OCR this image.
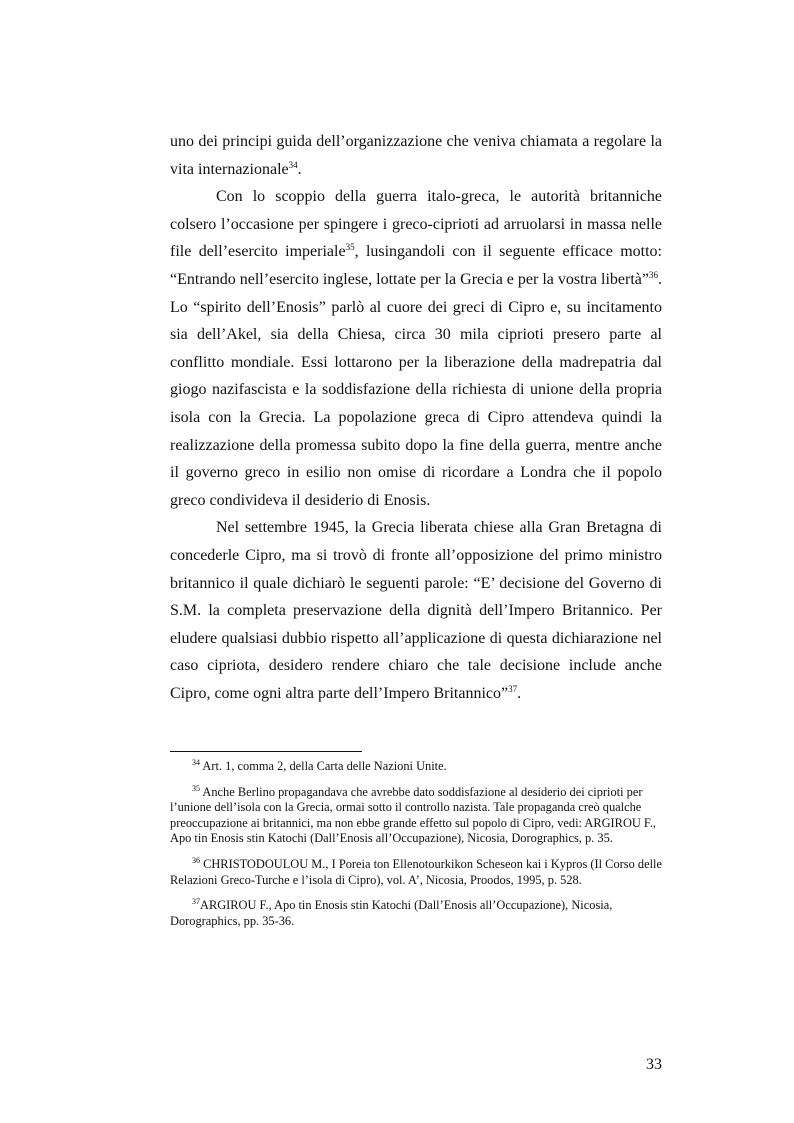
uno dei principi guida dell’organizzazione che veniva chiamata a regolare la vita internazionale$^{34}$.

Con lo scoppio della guerra italo-greca, le autorità britanniche colsero l’occasione per spingere i greco-ciprioti ad arruolarsi in massa nelle file dell’esercito imperiale$^{35}$, lusingandoli con il seguente efficace motto: “Entrando nell’esercito inglese, lottate per la Grecia e per la vostra libertà”$^{36}$. Lo “spirito dell’Enosis” parlò al cuore dei greci di Cipro e, su incitamento sia dell’Akel, sia della Chiesa, circa 30 mila ciprioti presero parte al conflitto mondiale. Essi lottarono per la liberazione della madrepatria dal giogo nazifascista e la soddisfazione della richiesta di unione della propria isola con la Grecia. La popolazione greca di Cipro attendeva quindi la realizzazione della promessa subito dopo la fine della guerra, mentre anche il governo greco in esilio non omise di ricordare a Londra che il popolo greco condivideva il desiderio di Enosis.

Nel settembre 1945, la Grecia liberata chiese alla Gran Bretagna di concederle Cipro, ma si trovò di fronte all’opposizione del primo ministro britannico il quale dichiarò le seguenti parole: “E’ decisione del Governo di S.M. la completa preservazione della dignità dell’Impero Britannico. Per eludere qualsiasi dubbio rispetto all’applicazione di questa dichiarazione nel caso cipriota, desidero rendere chiaro che tale decisione include anche Cipro, come ogni altra parte dell’Impero Britannico”$^{37}$.

$^{34}$ Art. 1, comma 2, della Carta delle Nazioni Unite.

$^{35}$ Anche Berlino propagandava che avrebbe dato soddisfazione al desiderio dei ciprioti per l’unione dell’isola con la Grecia, ormai sotto il controllo nazista. Tale propaganda creò qualche preoccupazione ai britannici, ma non ebbe grande effetto sul popolo di Cipro, vedi: ARGIROU F., Apo tin Enosis stin Katochi (Dall’Enosis all’Occupazione), Nicosia, Dorographics, p. 35.

$^{36}$ CHRISTODOULOU M., I Poreia ton Ellenotourkikon Scheseon kai i Kypros (Il Corso delle Relazioni Greco-Turche e l’isola di Cipro), vol. A’, Nicosia, Proodos, 1995, p. 528.

$^{37}$ARGIROU F., Apo tin Enosis stin Katochi (Dall’Enosis all’Occupazione), Nicosia, Dorographics, pp. 35-36.

33
